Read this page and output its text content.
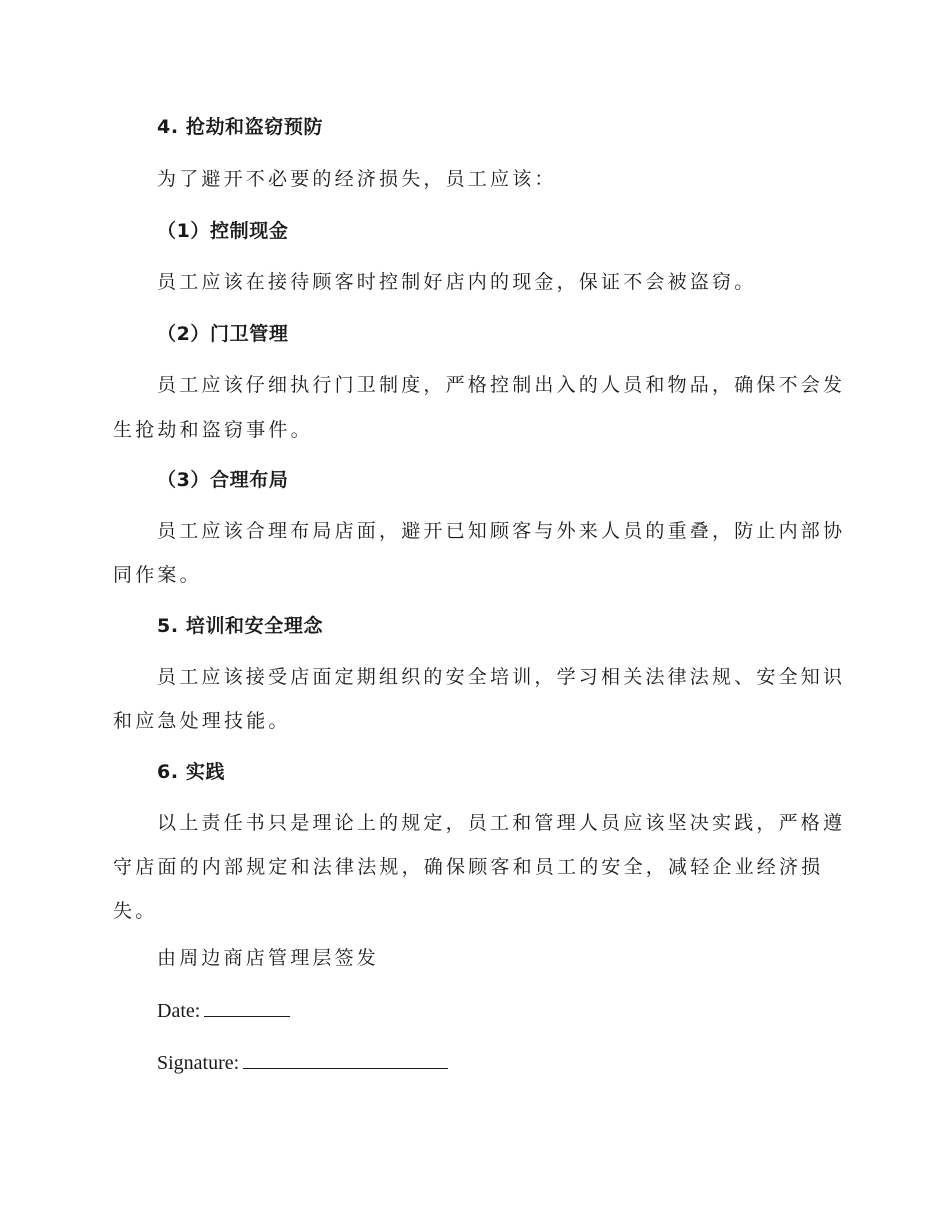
4. 抢劫和盗窃预防
为了避开不必要的经济损失，员工应该：
（1）控制现金
员工应该在接待顾客时控制好店内的现金，保证不会被盗窃。
（2）门卫管理
员工应该仔细执行门卫制度，严格控制出入的人员和物品，确保不会发
生抢劫和盗窃事件。
（3）合理布局
员工应该合理布局店面，避开已知顾客与外来人员的重叠，防止内部协
同作案。
5. 培训和安全理念
员工应该接受店面定期组织的安全培训，学习相关法律法规、安全知识
和应急处理技能。
6. 实践
以上责任书只是理论上的规定，员工和管理人员应该坚决实践，严格遵
守店面的内部规定和法律法规，确保顾客和员工的安全，减轻企业经济损
失。
由周边商店管理层签发
Date:
Signature:
